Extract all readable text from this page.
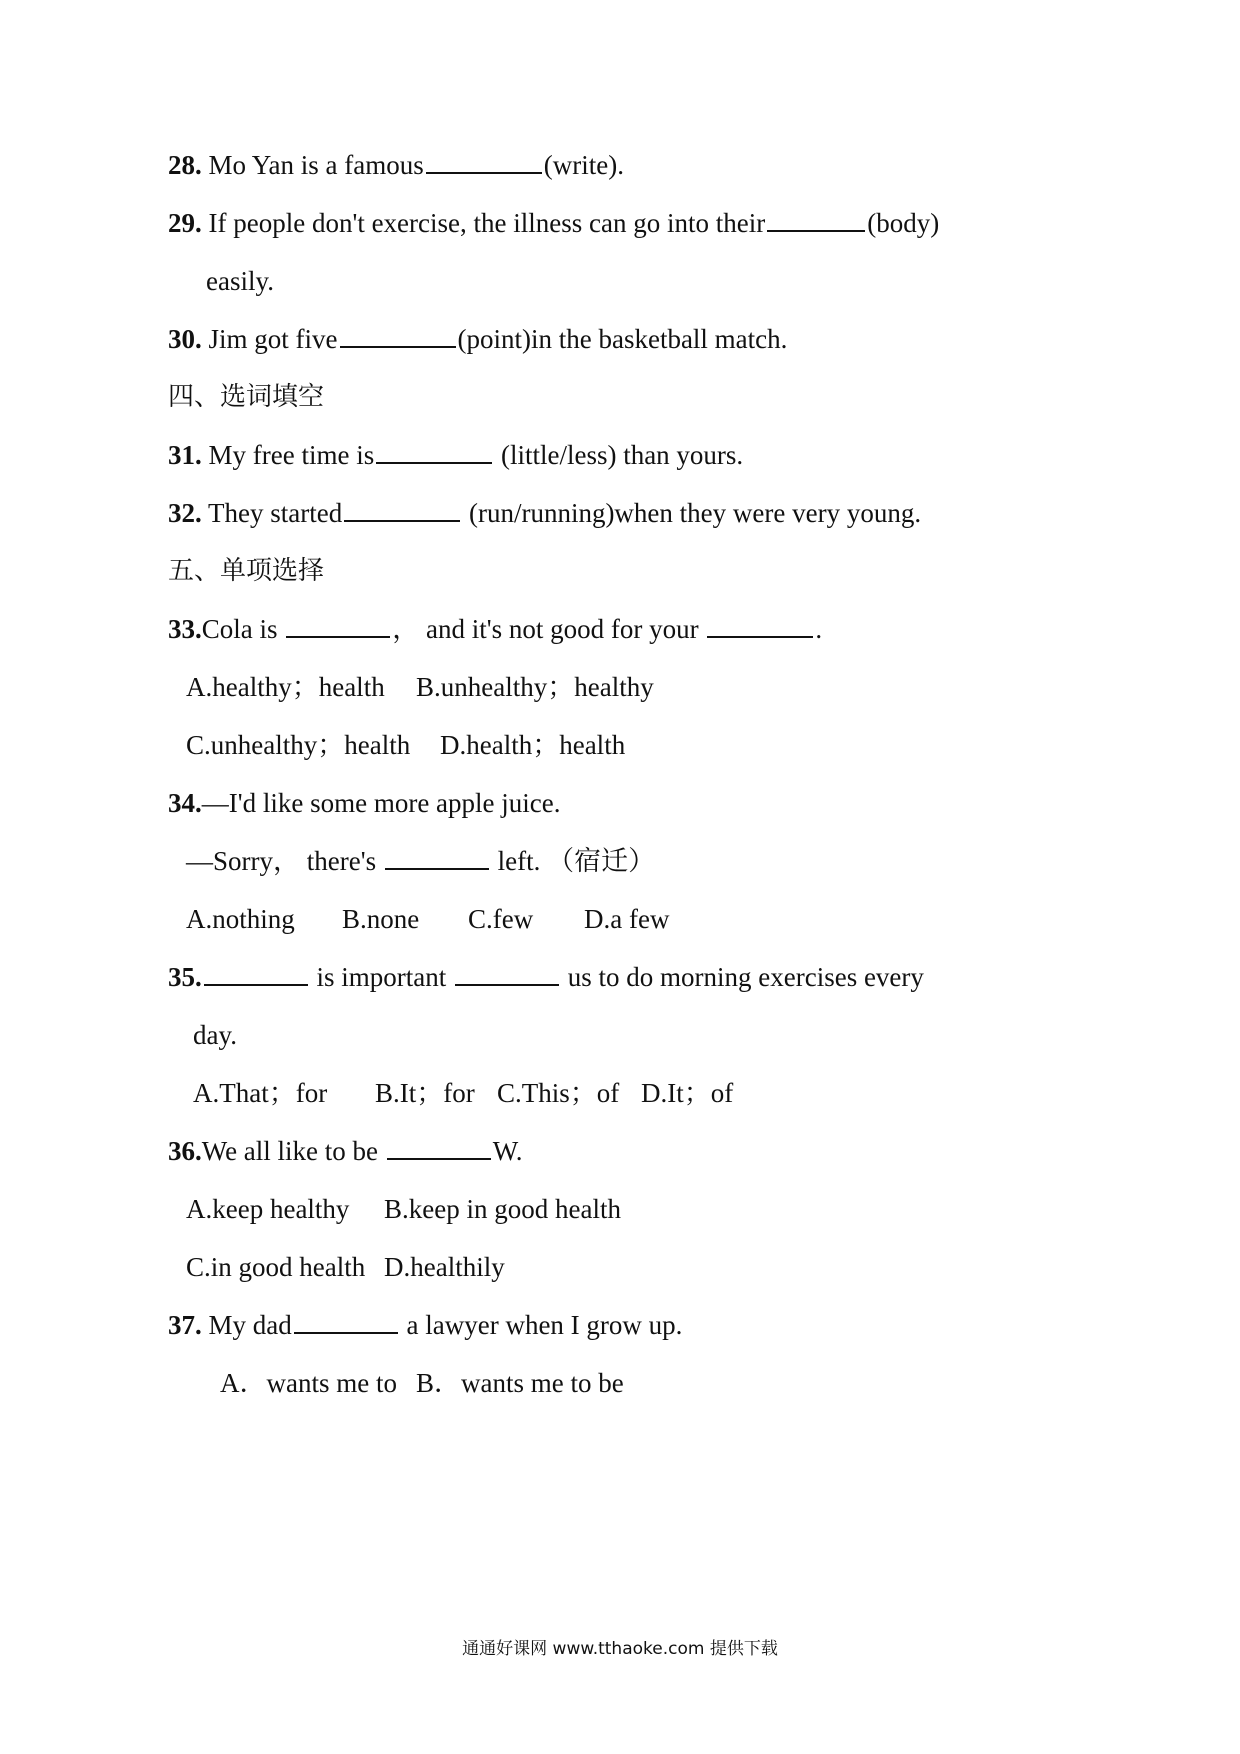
28. Mo Yan is a famous	(write).
29. If people don't exercise, the illness can go into their	(body)
easily.
30. Jim got five	(point)in the basketball match.
四、选词填空
31. My free time is	(little/less) than yours.
32. They started	(run/running)when they were very young.
五、单项选择
33.Cola is	， and it's not good for your	.
A.healthy；health B.unhealthy；healthy
C.unhealthy；health D.health；health
34.—I'd like some more apple juice.
—Sorry， there's	left. （宿迁）
A.nothing B.none C.few D.a few
35.	is important	us to do morning exercises every
day.
A.That；for B.It；for C.This；of D.It；of
36.We all like to be	W.
A.keep healthy B.keep in good health
C.in good health D.healthily
37. My dad	a lawyer when I grow up.
A．wants me to B．wants me to be
通通好课网 www.tthaoke.com 提供下载
